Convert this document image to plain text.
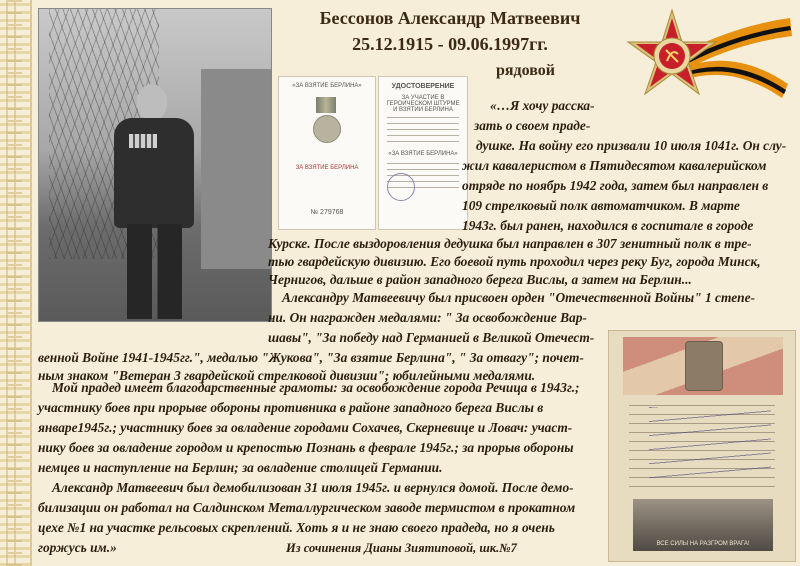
«ЗА ВЗЯТИЕ БЕРЛИНА»
ЗА ВЗЯТИЕ БЕРЛИНА
№ 279768
УДОСТОВЕРЕНИЕ
ЗА УЧАСТИЕ В ГЕРОИЧЕСКОМ ШТУРМЕ И ВЗЯТИИ БЕРЛИНА
«ЗА ВЗЯТИЕ БЕРЛИНА»
Бессонов Александр Матвеевич
25.12.1915 - 09.06.1997гг.
рядовой
«…Я хочу расска-
зать о своем праде-
душке. На войну его призвали 10 июля 1041г. Он слу-
жил кавалеристом в Пятидесятом кавалерийском
отряде по ноябрь 1942 года, затем был направлен в
109 стрелковый полк автоматчиком. В марте
1943г. был ранен, находился в госпитале в городе
Курске. После выздоровления дедушка был направлен в 307 зенитный полк в тре-
тью гвардейскую дивизию. Его боевой путь проходил через реку Буг, города Минск,
Чернигов, дальше в район западного берега Вислы, а затем на Берлин...
Александру Матвеевичу был присвоен орден "Отечественной Войны" 1 степе-
ни. Он награжден медалями: " За освобождение Вар-
шавы", "За победу над Германией в Великой Отечест-
венной Войне 1941-1945гг.", медалью "Жукова", "За взятие Берлина", " За отвагу"; почет-
ным знаком "Ветеран 3 гвардейской стрелковой дивизии"; юбилейными медалями.
Мой прадед имеет благодарственные грамоты: за освобождение города Речица в 1943г.;
участнику боев при прорыве обороны противника в районе западного берега Вислы в
январе1945г.; участнику боев за овладение городами Сохачев, Скерневице и Ловач: участ-
нику боев за овладение городом и крепостью Познань в феврале 1945г.; за прорыв обороны
немцев и наступление на Берлин; за овладение столицей Германии.
Александр Матвеевич был демобилизован 31 июля 1945г. и вернулся домой. После демо-
билизации он работал на Салдинском Металлургическом заводе термистом в прокатном
цехе №1 на участке рельсовых скреплений. Хоть я и не знаю своего прадеда, но я очень
ВСЕ СИЛЫ НА РАЗГРОМ ВРАГА!
горжусь им.»	Из сочинения Дианы Зиятиповой, шк.№7
